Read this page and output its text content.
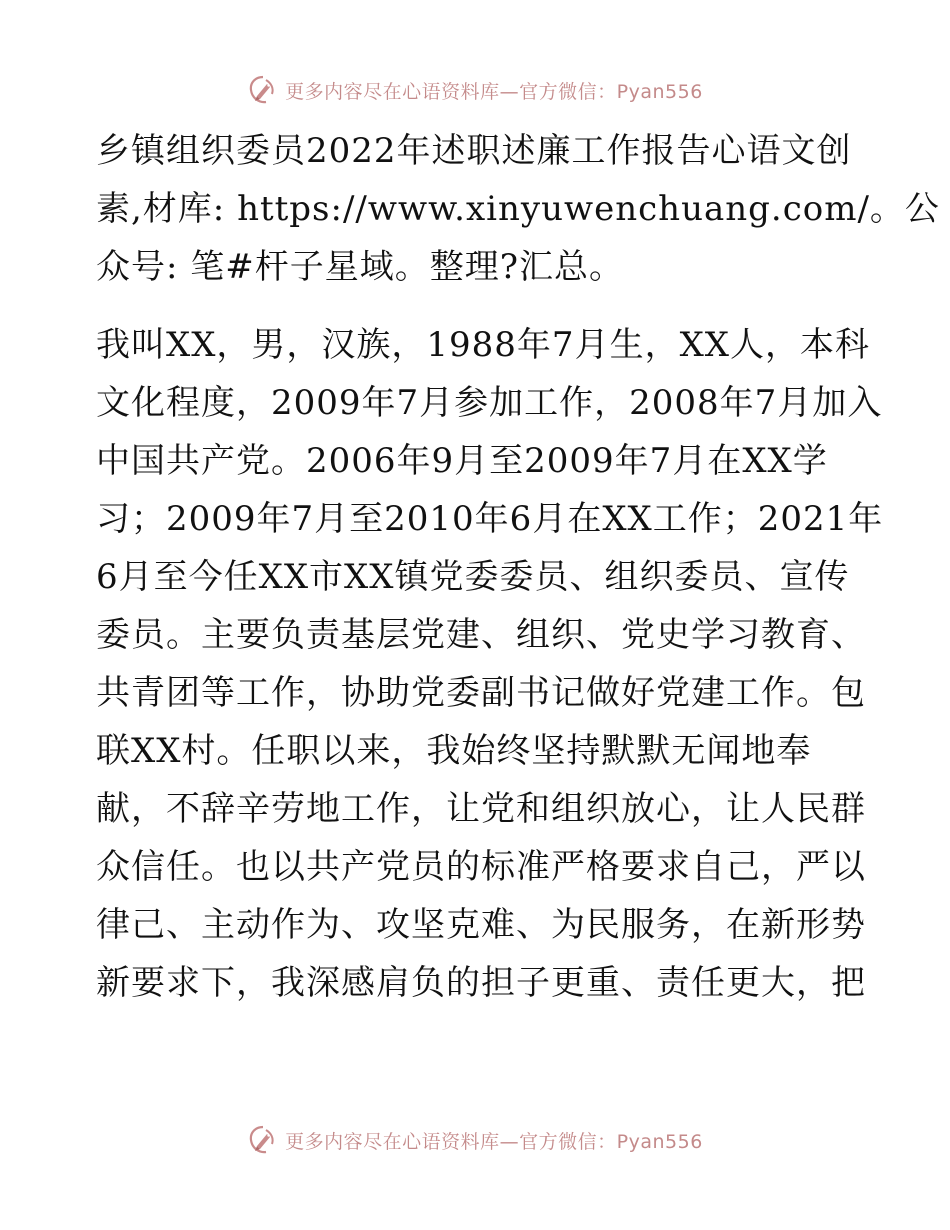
更多内容尽在心语资料库—官方微信：Pyan556
乡镇组织委员2022年述职述廉工作报告心语文创
素,材库: https://www.xinyuwenchuang.com/。公
众号: 笔#杆子星域。整理?汇总。
我叫XX，男，汉族，1988年7月生，XX人，本科
文化程度，2009年7月参加工作，2008年7月加入
中国共产党。2006年9月至2009年7月在XX学
习；2009年7月至2010年6月在XX工作；2021年
6月至今任XX市XX镇党委委员、组织委员、宣传
委员。主要负责基层党建、组织、党史学习教育、
共青团等工作，协助党委副书记做好党建工作。包
联XX村。任职以来，我始终坚持默默无闻地奉
献，不辞辛劳地工作，让党和组织放心，让人民群
众信任。也以共产党员的标准严格要求自己，严以
律己、主动作为、攻坚克难、为民服务，在新形势
新要求下，我深感肩负的担子更重、责任更大，把
更多内容尽在心语资料库—官方微信：Pyan556
